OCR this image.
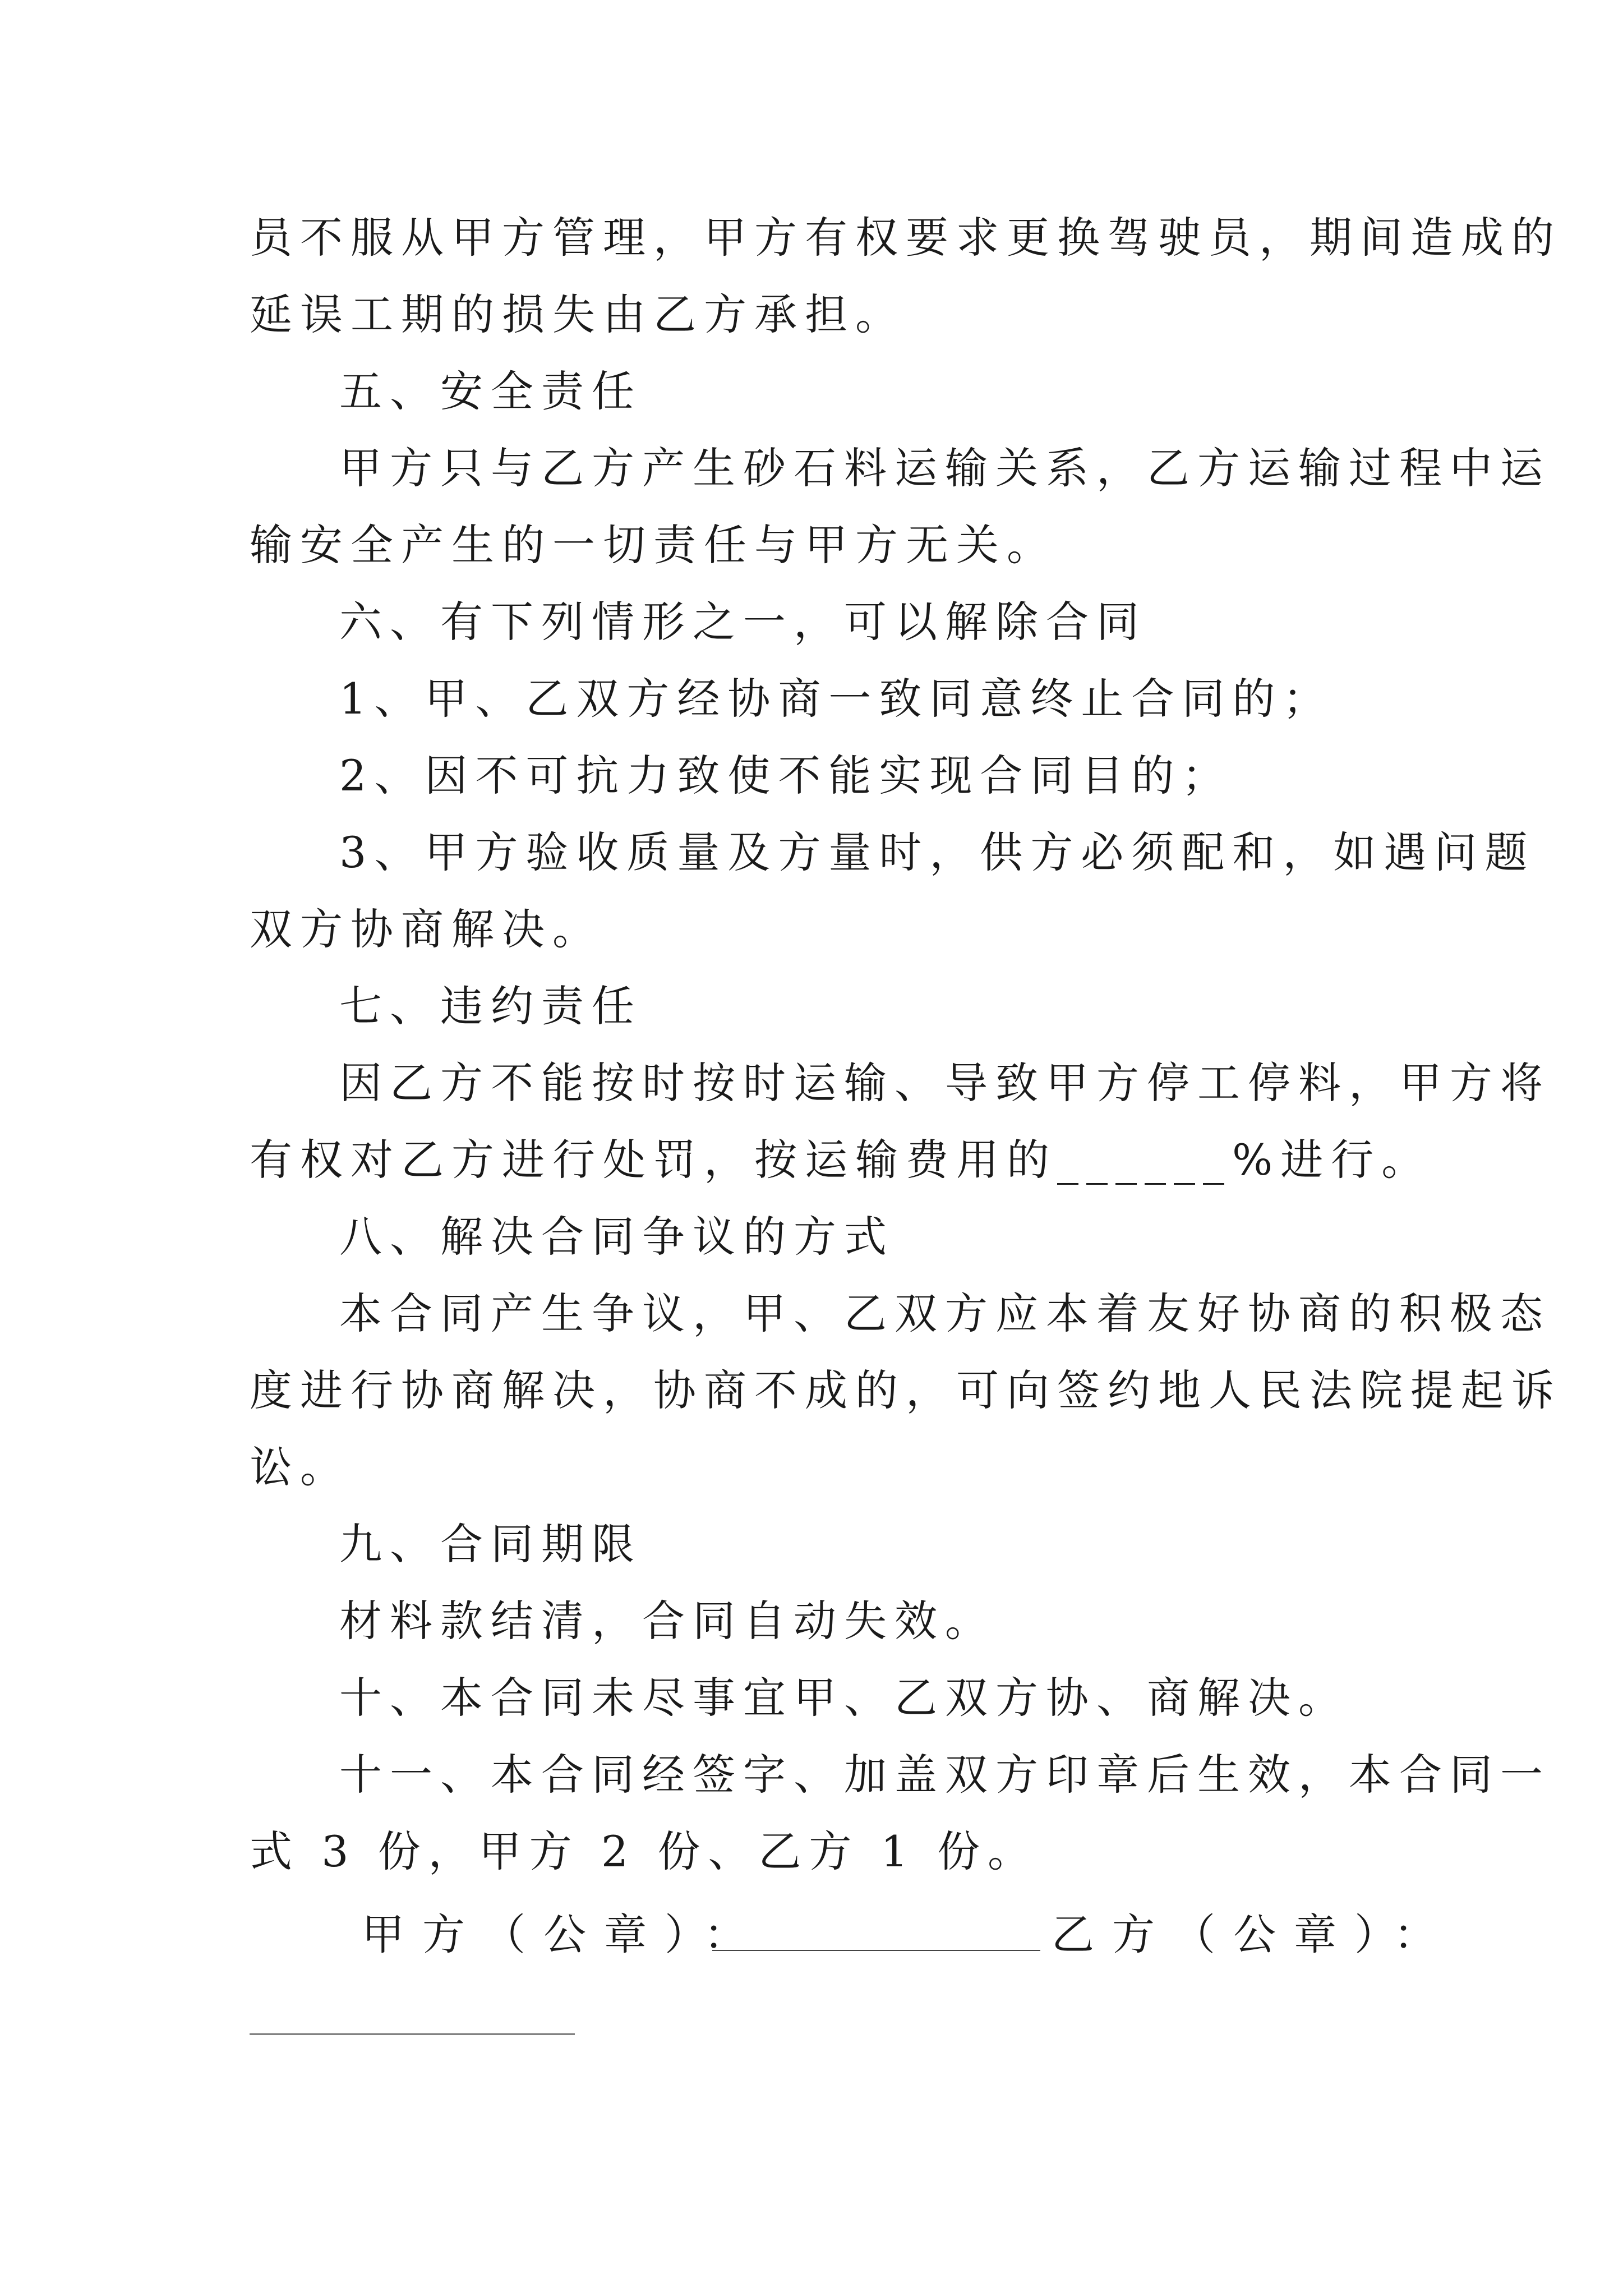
员不服从甲方管理，甲方有权要求更换驾驶员，期间造成的

延误工期的损失由乙方承担。

五、安全责任

甲方只与乙方产生砂石料运输关系，乙方运输过程中运

输安全产生的一切责任与甲方无关。

六、有下列情形之一，可以解除合同

1、甲、乙双方经协商一致同意终止合同的；

2、因不可抗力致使不能实现合同目的；

3、甲方验收质量及方量时，供方必须配和，如遇问题

双方协商解决。

七、违约责任

因乙方不能按时按时运输、导致甲方停工停料，甲方将

有权对乙方进行处罚，按运输费用的______%进行。

八、解决合同争议的方式

本合同产生争议，甲、乙双方应本着友好协商的积极态

度进行协商解决，协商不成的，可向签约地人民法院提起诉

讼。

九、合同期限

材料款结清，合同自动失效。

十、本合同未尽事宜甲、乙双方协、商解决。

十一、本合同经签字、加盖双方印章后生效，本合同一

式 3 份，甲方 2 份、乙方 1 份。

甲方（公章）：	乙方（公章）：
